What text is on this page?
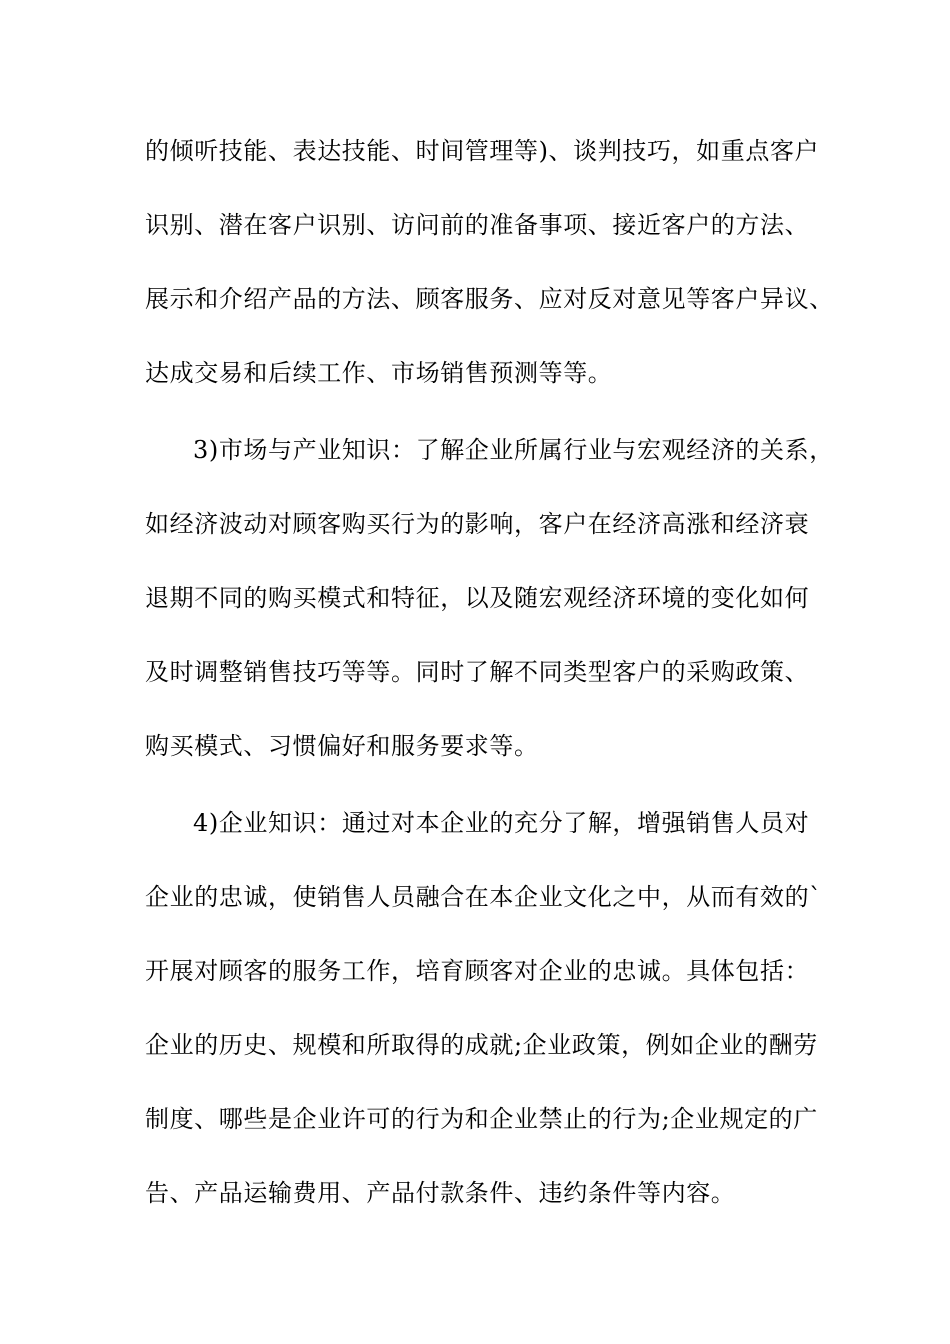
的倾听技能、表达技能、时间管理等)、谈判技巧，如重点客户
识别、潜在客户识别、访问前的准备事项、接近客户的方法、
展示和介绍产品的方法、顾客服务、应对反对意见等客户异议、
达成交易和后续工作、市场销售预测等等。
3)市场与产业知识：了解企业所属行业与宏观经济的关系，
如经济波动对顾客购买行为的影响，客户在经济高涨和经济衰
退期不同的购买模式和特征，以及随宏观经济环境的变化如何
及时调整销售技巧等等。同时了解不同类型客户的采购政策、
购买模式、习惯偏好和服务要求等。
4)企业知识：通过对本企业的充分了解，增强销售人员对
企业的忠诚，使销售人员融合在本企业文化之中，从而有效的`
开展对顾客的服务工作，培育顾客对企业的忠诚。具体包括：
企业的历史、规模和所取得的成就;企业政策，例如企业的酬劳
制度、哪些是企业许可的行为和企业禁止的行为;企业规定的广
告、产品运输费用、产品付款条件、违约条件等内容。
